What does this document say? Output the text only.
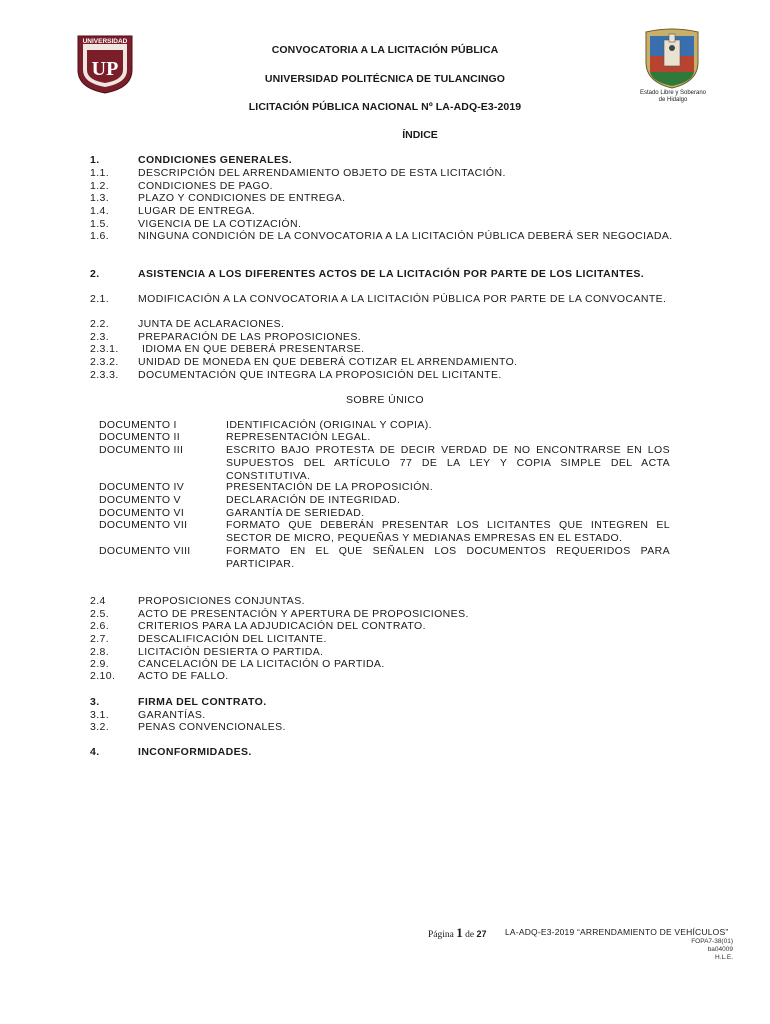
UNIVERSIDAD
UP
Estado Libre y Soberano
de Hidalgo
CONVOCATORIA A LA LICITACIÓN PÚBLICA
UNIVERSIDAD POLITÉCNICA DE TULANCINGO
LICITACIÓN PÚBLICA NACIONAL Nº LA-ADQ-E3-2019
ÍNDICE
1.	CONDICIONES GENERALES.
1.1.	DESCRIPCIÓN DEL ARRENDAMIENTO OBJETO DE ESTA LICITACIÓN.
1.2.	CONDICIONES DE PAGO.
1.3.	PLAZO Y CONDICIONES DE ENTREGA.
1.4.	LUGAR DE ENTREGA.
1.5.	VIGENCIA DE LA COTIZACIÓN.
1.6.	NINGUNA CONDICIÓN DE LA CONVOCATORIA A LA LICITACIÓN PÚBLICA DEBERÁ SER NEGOCIADA.
2.	ASISTENCIA A LOS DIFERENTES ACTOS DE LA LICITACIÓN POR PARTE DE LOS LICITANTES.
2.1.	MODIFICACIÓN A LA CONVOCATORIA A LA LICITACIÓN PÚBLICA POR PARTE DE LA CONVOCANTE.
2.2.	JUNTA DE ACLARACIONES.
2.3.	PREPARACIÓN DE LAS PROPOSICIONES.
2.3.1. IDIOMA EN QUE DEBERÁ PRESENTARSE.
2.3.2. UNIDAD DE MONEDA EN QUE DEBERÁ COTIZAR EL ARRENDAMIENTO.
2.3.3. DOCUMENTACIÓN QUE INTEGRA LA PROPOSICIÓN DEL LICITANTE.
SOBRE ÚNICO
DOCUMENTO I	IDENTIFICACIÓN (ORIGINAL Y COPIA).
DOCUMENTO II	REPRESENTACIÓN LEGAL.
DOCUMENTO III	ESCRITO BAJO PROTESTA DE DECIR VERDAD DE NO ENCONTRARSE EN LOS SUPUESTOS DEL ARTÍCULO 77 DE LA LEY Y COPIA SIMPLE DEL ACTA CONSTITUTIVA.
DOCUMENTO IV	PRESENTACIÓN DE LA PROPOSICIÓN.
DOCUMENTO V	DECLARACIÓN DE INTEGRIDAD.
DOCUMENTO VI	GARANTÍA DE SERIEDAD.
DOCUMENTO VII	FORMATO QUE DEBERÁN PRESENTAR LOS LICITANTES QUE INTEGREN EL SECTOR DE MICRO, PEQUEÑAS Y MEDIANAS EMPRESAS EN EL ESTADO.
DOCUMENTO VIII	FORMATO EN EL QUE SEÑALEN LOS DOCUMENTOS REQUERIDOS PARA PARTICIPAR.
2.4	PROPOSICIONES CONJUNTAS.
2.5.	ACTO DE PRESENTACIÓN Y APERTURA DE PROPOSICIONES.
2.6.	CRITERIOS PARA LA ADJUDICACIÓN DEL CONTRATO.
2.7.	DESCALIFICACIÓN DEL LICITANTE.
2.8.	LICITACIÓN DESIERTA O PARTIDA.
2.9.	CANCELACIÓN DE LA LICITACIÓN O PARTIDA.
2.10. ACTO DE FALLO.
3.	FIRMA DEL CONTRATO.
3.1.	GARANTÍAS.
3.2.	PENAS CONVENCIONALES.
4.	INCONFORMIDADES.
Página 1 de 27 LA-ADQ-E3-2019 “ARRENDAMIENTO DE VEHÍCULOS”
FOPA7-38(01)
ba04009
H.L.E.
